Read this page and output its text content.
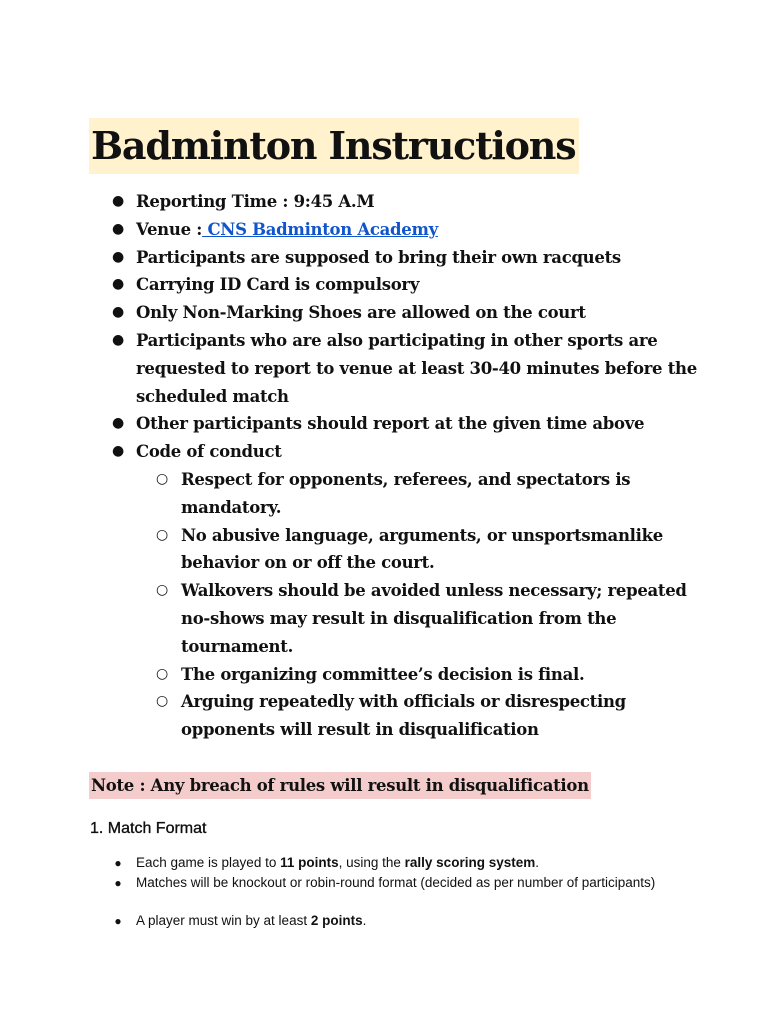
Badminton Instructions
● Reporting Time : 9:45 A.M
● Venue : CNS Badminton Academy
● Participants are supposed to bring their own racquets
● Carrying ID Card is compulsory
● Only Non-Marking Shoes are allowed on the court
● Participants who are also participating in other sports are requested to report to venue at least 30-40 minutes before the scheduled match
● Other participants should report at the given time above
● Code of conduct
○ Respect for opponents, referees, and spectators is mandatory.
○ No abusive language, arguments, or unsportsmanlike behavior on or off the court.
○ Walkovers should be avoided unless necessary; repeated no-shows may result in disqualification from the tournament.
○ The organizing committee’s decision is final.
○ Arguing repeatedly with officials or disrespecting opponents will result in disqualification
Note : Any breach of rules will result in disqualification
1. Match Format
●	Each game is played to 11 points, using the rally scoring system.
●	Matches will be knockout or robin-round format (decided as per number of participants)
●	A player must win by at least 2 points.
